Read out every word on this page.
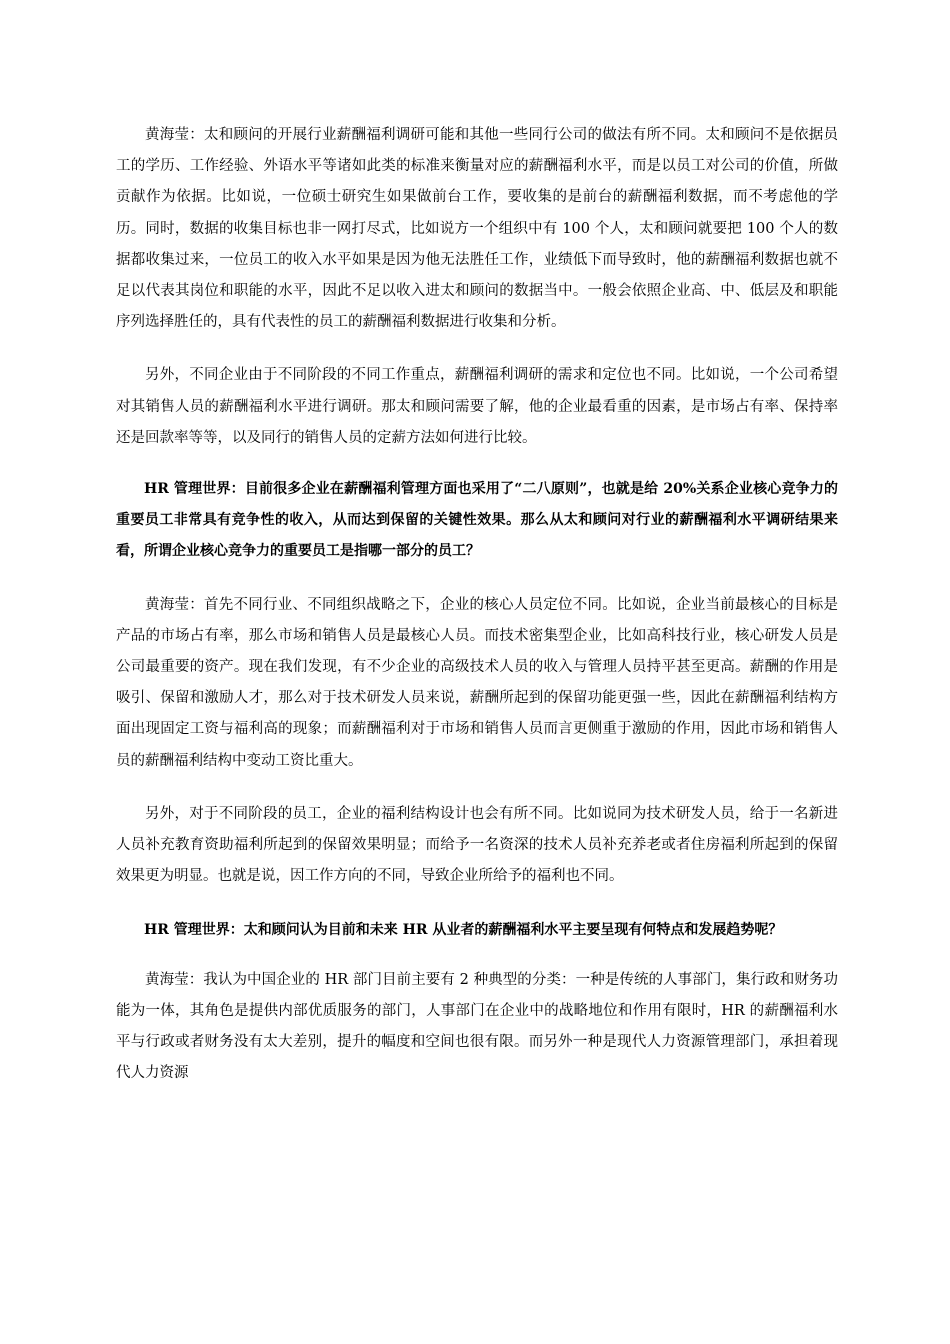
黄海莹：太和顾问的开展行业薪酬福利调研可能和其他一些同行公司的做法有所不同。太和顾问不是依据员工的学历、工作经验、外语水平等诸如此类的标准来衡量对应的薪酬福利水平，而是以员工对公司的价值，所做贡献作为依据。比如说，一位硕士研究生如果做前台工作，要收集的是前台的薪酬福利数据，而不考虑他的学历。同时，数据的收集目标也非一网打尽式，比如说方一个组织中有 100 个人，太和顾问就要把 100 个人的数据都收集过来，一位员工的收入水平如果是因为他无法胜任工作，业绩低下而导致时，他的薪酬福利数据也就不足以代表其岗位和职能的水平，因此不足以收入进太和顾问的数据当中。一般会依照企业高、中、低层及和职能序列选择胜任的，具有代表性的员工的薪酬福利数据进行收集和分析。

另外，不同企业由于不同阶段的不同工作重点，薪酬福利调研的需求和定位也不同。比如说，一个公司希望对其销售人员的薪酬福利水平进行调研。那太和顾问需要了解，他的企业最看重的因素，是市场占有率、保持率还是回款率等等，以及同行的销售人员的定薪方法如何进行比较。

HR 管理世界：目前很多企业在薪酬福利管理方面也采用了“二八原则”，也就是给 20%关系企业核心竞争力的重要员工非常具有竞争性的收入，从而达到保留的关键性效果。那么从太和顾问对行业的薪酬福利水平调研结果来看，所谓企业核心竞争力的重要员工是指哪一部分的员工？

黄海莹：首先不同行业、不同组织战略之下，企业的核心人员定位不同。比如说，企业当前最核心的目标是产品的市场占有率，那么市场和销售人员是最核心人员。而技术密集型企业，比如高科技行业，核心研发人员是公司最重要的资产。现在我们发现，有不少企业的高级技术人员的收入与管理人员持平甚至更高。薪酬的作用是吸引、保留和激励人才，那么对于技术研发人员来说，薪酬所起到的保留功能更强一些，因此在薪酬福利结构方面出现固定工资与福利高的现象；而薪酬福利对于市场和销售人员而言更侧重于激励的作用，因此市场和销售人员的薪酬福利结构中变动工资比重大。

另外，对于不同阶段的员工，企业的福利结构设计也会有所不同。比如说同为技术研发人员，给于一名新进人员补充教育资助福利所起到的保留效果明显；而给予一名资深的技术人员补充养老或者住房福利所起到的保留效果更为明显。也就是说，因工作方向的不同，导致企业所给予的福利也不同。

HR 管理世界：太和顾问认为目前和未来 HR 从业者的薪酬福利水平主要呈现有何特点和发展趋势呢？

黄海莹：我认为中国企业的 HR 部门目前主要有 2 种典型的分类：一种是传统的人事部门，集行政和财务功能为一体，其角色是提供内部优质服务的部门，人事部门在企业中的战略地位和作用有限时，HR 的薪酬福利水平与行政或者财务没有太大差别，提升的幅度和空间也很有限。而另外一种是现代人力资源管理部门，承担着现代人力资源
